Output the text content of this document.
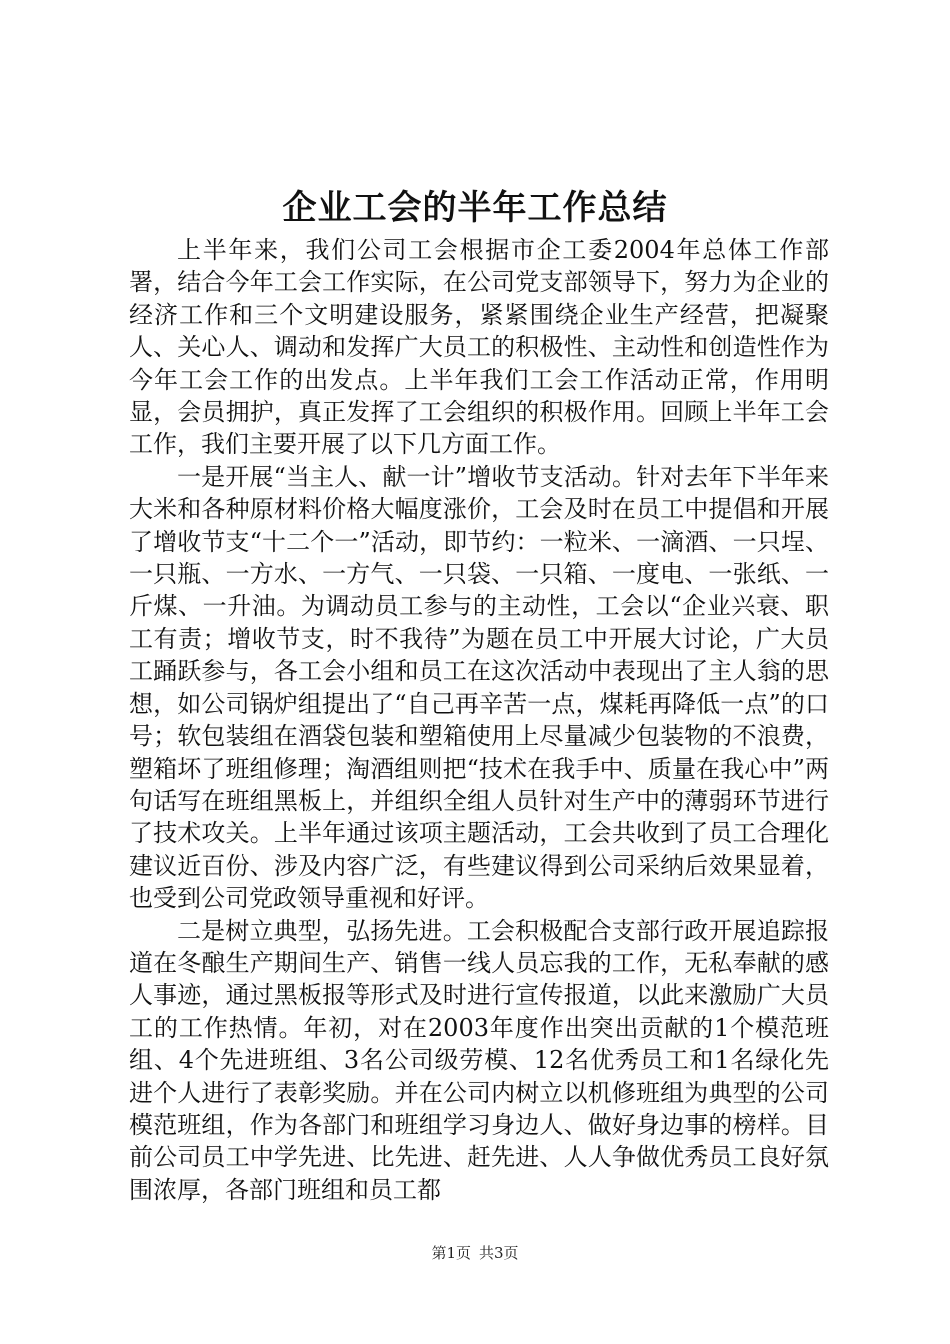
企业工会的半年工作总结

上半年来，我们公司工会根据市企工委2004年总体工作部署，结合今年工会工作实际，在公司党支部领导下，努力为企业的经济工作和三个文明建设服务，紧紧围绕企业生产经营，把凝聚人、关心人、调动和发挥广大员工的积极性、主动性和创造性作为今年工会工作的出发点。上半年我们工会工作活动正常，作用明显，会员拥护，真正发挥了工会组织的积极作用。回顾上半年工会工作，我们主要开展了以下几方面工作。

一是开展“当主人、献一计”增收节支活动。针对去年下半年来大米和各种原材料价格大幅度涨价，工会及时在员工中提倡和开展了增收节支“十二个一”活动，即节约：一粒米、一滴酒、一只埕、一只瓶、一方水、一方气、一只袋、一只箱、一度电、一张纸、一斤煤、一升油。为调动员工参与的主动性，工会以“企业兴衰、职工有责；增收节支，时不我待”为题在员工中开展大讨论，广大员工踊跃参与，各工会小组和员工在这次活动中表现出了主人翁的思想，如公司锅炉组提出了“自己再辛苦一点，煤耗再降低一点”的口号；软包装组在酒袋包装和塑箱使用上尽量减少包装物的不浪费，塑箱坏了班组修理；淘酒组则把“技术在我手中、质量在我心中”两句话写在班组黑板上，并组织全组人员针对生产中的薄弱环节进行了技术攻关。上半年通过该项主题活动，工会共收到了员工合理化建议近百份、涉及内容广泛，有些建议得到公司采纳后效果显着，也受到公司党政领导重视和好评。

二是树立典型，弘扬先进。工会积极配合支部行政开展追踪报道在冬酿生产期间生产、销售一线人员忘我的工作，无私奉献的感人事迹，通过黑板报等形式及时进行宣传报道，以此来激励广大员工的工作热情。年初，对在2003年度作出突出贡献的1个模范班组、4个先进班组、3名公司级劳模、12名优秀员工和1名绿化先进个人进行了表彰奖励。并在公司内树立以机修班组为典型的公司模范班组，作为各部门和班组学习身边人、做好身边事的榜样。目前公司员工中学先进、比先进、赶先进、人人争做优秀员工良好氛围浓厚，各部门班组和员工都

第1页 共3页
